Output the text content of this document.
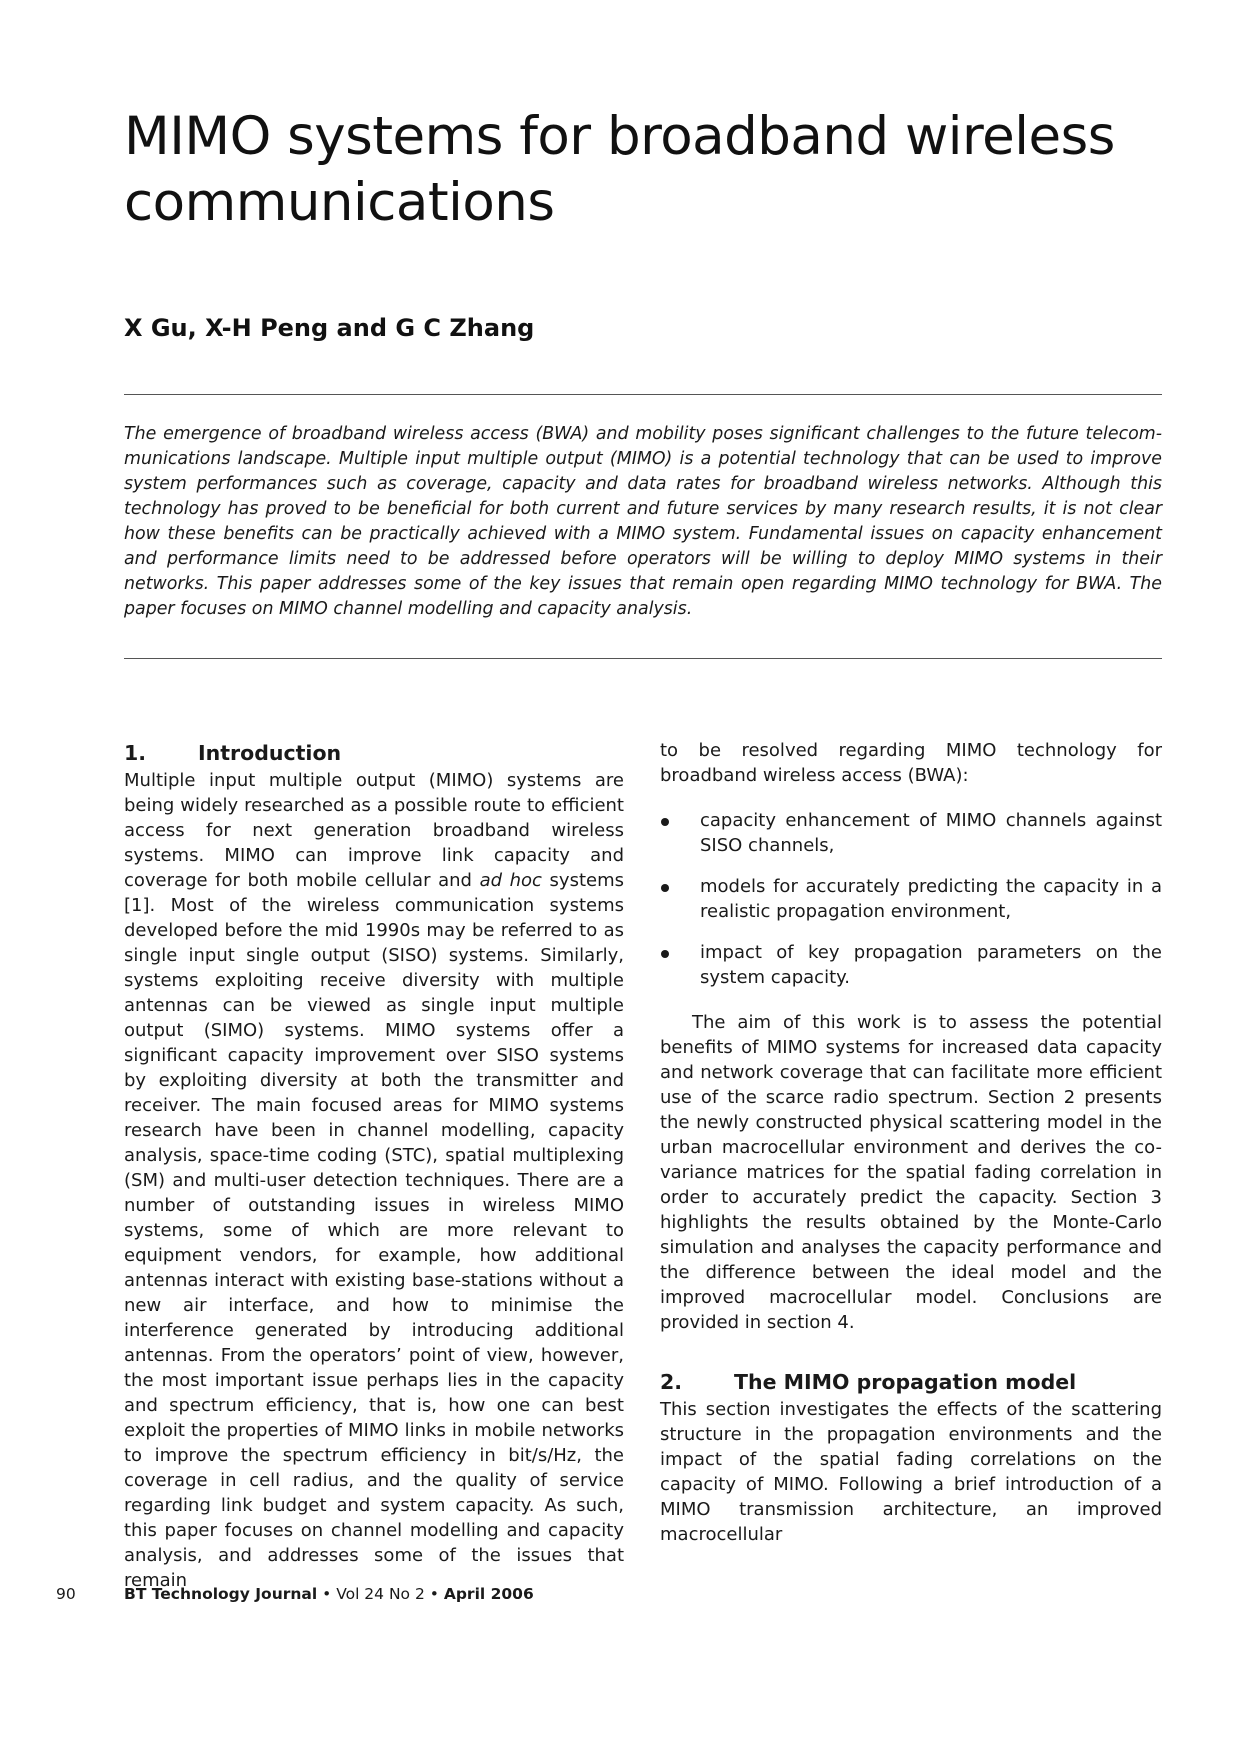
MIMO systems for broadband wireless communications
X Gu, X-H Peng and G C Zhang

The emergence of broadband wireless access (BWA) and mobility poses significant challenges to the future telecom-munications landscape. Multiple input multiple output (MIMO) is a potential technology that can be used to improve system performances such as coverage, capacity and data rates for broadband wireless networks. Although this technology has proved to be beneficial for both current and future services by many research results, it is not clear how these benefits can be practically achieved with a MIMO system. Fundamental issues on capacity enhancement and performance limits need to be addressed before operators will be willing to deploy MIMO systems in their networks. This paper addresses some of the key issues that remain open regarding MIMO technology for BWA. The paper focuses on MIMO channel modelling and capacity analysis.

1.	Introduction

Multiple input multiple output (MIMO) systems are being widely researched as a possible route to efficient access for next generation broadband wireless systems. MIMO can improve link capacity and coverage for both mobile cellular and ad hoc systems [1]. Most of the wireless communication systems developed before the mid 1990s may be referred to as single input single output (SISO) systems. Similarly, systems exploiting receive diversity with multiple antennas can be viewed as single input multiple output (SIMO) systems. MIMO systems offer a significant capacity improvement over SISO systems by exploiting diversity at both the transmitter and receiver. The main focused areas for MIMO systems research have been in channel modelling, capacity analysis, space-time coding (STC), spatial multiplexing (SM) and multi-user detection techniques. There are a number of outstanding issues in wireless MIMO systems, some of which are more relevant to equipment vendors, for example, how additional antennas interact with existing base-stations without a new air interface, and how to minimise the interference generated by introducing additional antennas. From the operators’ point of view, however, the most important issue perhaps lies in the capacity and spectrum efficiency, that is, how one can best exploit the properties of MIMO links in mobile networks to improve the spectrum efficiency in bit/s/Hz, the coverage in cell radius, and the quality of service regarding link budget and system capacity. As such, this paper focuses on channel modelling and capacity analysis, and addresses some of the issues that remain

to be resolved regarding MIMO technology for broadband wireless access (BWA):

capacity enhancement of MIMO channels against SISO channels,
models for accurately predicting the capacity in a realistic propagation environment,
impact of key propagation parameters on the system capacity.

The aim of this work is to assess the potential benefits of MIMO systems for increased data capacity and network coverage that can facilitate more efficient use of the scarce radio spectrum. Section 2 presents the newly constructed physical scattering model in the urban macrocellular environment and derives the co-variance matrices for the spatial fading correlation in order to accurately predict the capacity. Section 3 highlights the results obtained by the Monte-Carlo simulation and analyses the capacity performance and the difference between the ideal model and the improved macrocellular model. Conclusions are provided in section 4.

2.	The MIMO propagation model

This section investigates the effects of the scattering structure in the propagation environments and the impact of the spatial fading correlations on the capacity of MIMO. Following a brief introduction of a MIMO transmission architecture, an improved macrocellular

90	BT Technology Journal • Vol 24 No 2 • April 2006
